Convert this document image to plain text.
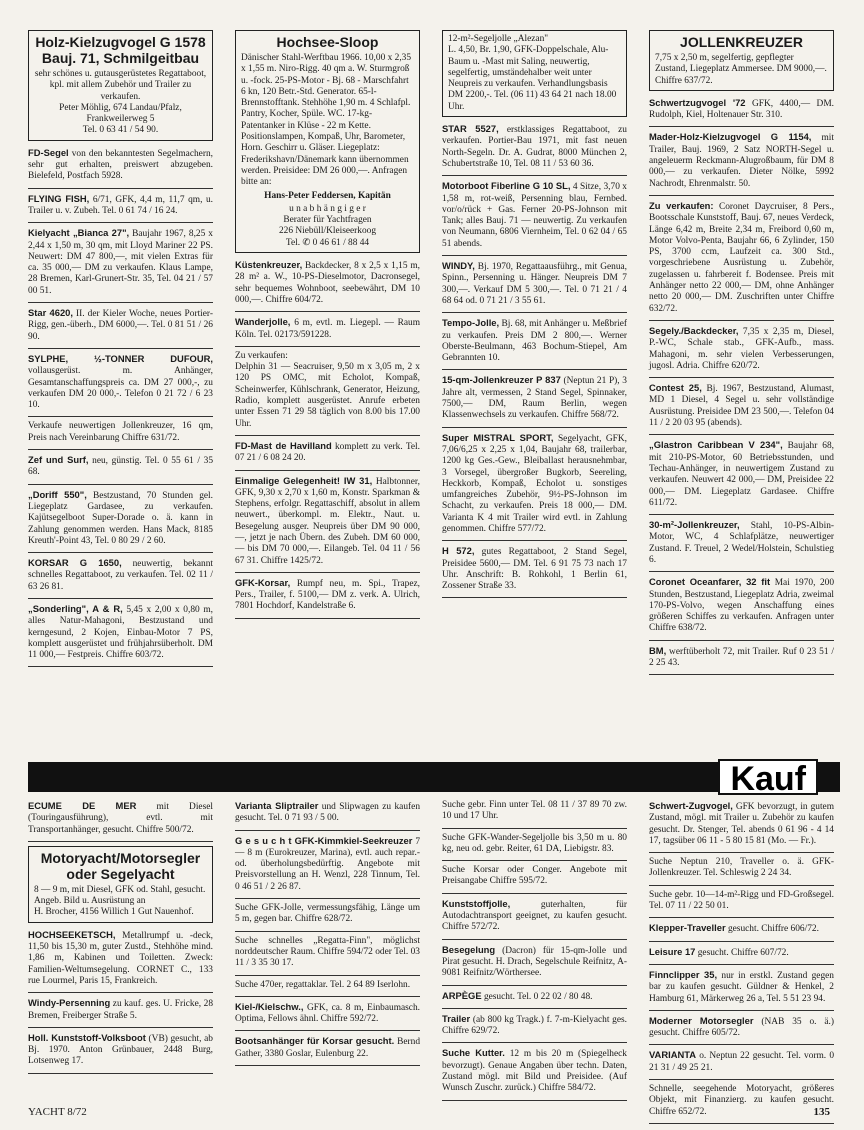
Holz-Kielzugvogel G 1578 Bauj. 71, Schmilgeitbau
sehr schönes u. gutausgerüstetes Regattaboot, kpl. mit allem Zubehör und Trailer zu verkaufen.
Peter Möhlig, 674 Landau/Pfalz, Frankweilerweg 5
Tel. 0 63 41 / 54 90.
FD-Segel von den bekanntesten Segelmachern, sehr gut erhalten, preiswert abzugeben. Bielefeld, Postfach 5928.
FLYING FISH, 6/71, GFK, 4,4 m, 11,7 qm, u. Trailer u. v. Zubeh. Tel. 0 61 74 / 16 24.
Kielyacht „Bianca 27", Baujahr 1967, 8,25 x 2,44 x 1,50 m, 30 qm, mit Lloyd Mariner 22 PS. Neuwert: DM 47 800,—, mit vielen Extras für ca. 35 000,— DM zu verkaufen. Klaus Lampe, 28 Bremen, Karl-Grunert-Str. 35, Tel. 04 21 / 57 00 51.
Star 4620, II. der Kieler Woche, neues Portier-Rigg, gen.-überh., DM 6000,—. Tel. 0 81 51 / 26 90.
SYLPHE, ½-TONNER DUFOUR, vollausgerüst. m. Anhänger, Gesamtanschaffungspreis ca. DM 27 000,-, zu verkaufen DM 20 000,-. Telefon 0 21 72 / 6 23 10.
Verkaufe neuwertigen Jollenkreuzer, 16 qm, Preis nach Vereinbarung Chiffre 631/72.
Zef und Surf, neu, günstig. Tel. 0 55 61 / 35 68.
„Doriff 550", Bestzustand, 70 Stunden gel. Liegeplatz Gardasee, zu verkaufen. Kajütsegelboot Super-Dorade o. ä. kann in Zahlung genommen werden. Hans Mack, 8185 Kreuth'-Point 43, Tel. 0 80 29 / 2 60.
KORSAR G 1650, neuwertig, bekannt schnelles Regattaboot, zu verkaufen. Tel. 02 11 / 63 26 81.
„Sonderling", A & R, 5,45 x 2,00 x 0,80 m, alles Natur-Mahagoni, Bestzustand und kerngesund, 2 Kojen, Einbau-Motor 7 PS, komplett ausgerüstet und frühjahrsüberholt. DM 11 000,— Festpreis. Chiffre 603/72.
Hochsee-Sloop
Dänischer Stahl-Werftbau 1966. 10,00 x 2,35 x 1,55 m. Niro-Rigg. 40 qm a. W. Sturmgroß u. -fock. 25-PS-Motor - Bj. 68 - Marschfahrt 6 kn, 120 Betr.-Std. Generator. 65-l-Brennstofftank. Stehhöhe 1,90 m. 4 Schlafpl. Pantry, Kocher, Spüle. WC. 17-kg-Patentanker in Klüse - 22 m Kette. Positionslampen, Kompaß, Uhr, Barometer, Horn. Geschirr u. Gläser. Liegeplatz: Frederikshavn/Dänemark kann übernommen werden. Preisidee: DM 26 000,—. Anfragen bitte an:
Hans-Peter Feddersen, Kapitän
u n a b h ä n g i g e r
Berater für Yachtfragen
226 Niebüll/Kleiseerkoog
Tel. ✆ 0 46 61 / 88 44
Küstenkreuzer, Backdecker, 8 x 2,5 x 1,15 m, 28 m² a. W., 10-PS-Dieselmotor, Dacronsegel, sehr bequemes Wohnboot, seebewährt, DM 10 000,—. Chiffre 604/72.
Wanderjolle, 6 m, evtl. m. Liegepl. — Raum Köln. Tel. 02173/591228.
Zu verkaufen:
Delphin 31 — Seacruiser, 9,50 m x 3,05 m, 2 x 120 PS OMC, mit Echolot, Kompaß, Scheinwerfer, Kühlschrank, Generator, Heizung, Radio, komplett ausgerüstet. Anrufe erbeten unter Essen 71 29 58 täglich von 8.00 bis 17.00 Uhr.
FD-Mast de Havilland komplett zu verk. Tel. 07 21 / 6 08 24 20.
Einmalige Gelegenheit! IW 31, Halbtonner, GFK, 9,30 x 2,70 x 1,60 m, Konstr. Sparkman & Stephens, erfolgr. Regattaschiff, absolut in allem neuwert., überkompl. m. Elektr., Naut. u. Besegelung ausger. Neupreis über DM 90 000,—, jetzt je nach Übern. des Zubeh. DM 60 000,— bis DM 70 000,—. Eilangeb. Tel. 04 11 / 56 67 31. Chiffre 1425/72.
GFK-Korsar, Rumpf neu, m. Spi., Trapez, Pers., Trailer, f. 5100,— DM z. verk. A. Ulrich, 7801 Hochdorf, Kandelstraße 6.
12-m²-Segeljolle „Alezan"
L. 4,50, Br. 1,90, GFK-Doppelschale, Alu-Baum u. -Mast mit Saling, neuwertig, segelfertig, umständehalber weit unter Neupreis zu verkaufen. Verhandlungsbasis DM 2200,-. Tel. (06 11) 43 64 21 nach 18.00 Uhr.
STAR 5527, erstklassiges Regattaboot, zu verkaufen. Portier-Bau 1971, mit fast neuen North-Segeln. Dr. A. Gudrat, 8000 München 2, Schubertstraße 10, Tel. 08 11 / 53 60 36.
Motorboot Fiberline G 10 SL, 4 Sitze, 3,70 x 1,58 m, rot-weiß, Persenning blau, Fernbed. vor/o/rück + Gas. Ferner 20-PS-Johnson mit Tank; alles Bauj. 71 — neuwertig. Zu verkaufen von Neumann, 6806 Viernheim, Tel. 0 62 04 / 65 51 abends.
WINDY, Bj. 1970, Regattaausführg., mit Genua, Spinn., Persenning u. Hänger. Neupreis DM 7 300,—. Verkauf DM 5 300,—. Tel. 0 71 21 / 4 68 64 od. 0 71 21 / 3 55 61.
Tempo-Jolle, Bj. 68, mit Anhänger u. Meßbrief zu verkaufen. Preis DM 2 800,—. Werner Oberste-Beulmann, 463 Bochum-Stiepel, Am Gebrannten 10.
15-qm-Jollenkreuzer P 837 (Neptun 21 P), 3 Jahre alt, vermessen, 2 Stand Segel, Spinnaker, 7500,— DM, Raum Berlin, wegen Klassenwechsels zu verkaufen. Chiffre 568/72.
Super MISTRAL SPORT, Segelyacht, GFK, 7,06/6,25 x 2,25 x 1,04, Baujahr 68, trailerbar, 1200 kg Ges.-Gew., Bleiballast herausnehmbar, 3 Vorsegel, übergroßer Bugkorb, Seereling, Heckkorb, Kompaß, Echolot u. sonstiges umfangreiches Zubehör, 9½-PS-Johnson im Schacht, zu verkaufen. Preis 18 000,— DM. Varianta K 4 mit Trailer wird evtl. in Zahlung genommen. Chiffre 577/72.
H 572, gutes Regattaboot, 2 Stand Segel, Preisidee 5600,— DM. Tel. 6 91 75 73 nach 17 Uhr. Anschrift: B. Rohkohl, 1 Berlin 61, Zossener Straße 33.
JOLLENKREUZER
7,75 x 2,50 m, segelfertig, gepflegter Zustand, Liegeplatz Ammersee. DM 9000,—. Chiffre 637/72.
Schwertzugvogel '72 GFK, 4400,— DM. Rudolph, Kiel, Holtenauer Str. 310.
Mader-Holz-Kielzugvogel G 1154, mit Trailer, Bauj. 1969, 2 Satz NORTH-Segel u. angeleuerm Reckmann-Alugroßbaum, für DM 8 000,— zu verkaufen. Dieter Nölke, 5992 Nachrodt, Ehrenmalstr. 50.
Zu verkaufen: Coronet Daycruiser, 8 Pers., Bootsschale Kunststoff, Bauj. 67, neues Verdeck, Länge 6,42 m, Breite 2,34 m, Freibord 0,60 m, Motor Volvo-Penta, Baujahr 66, 6 Zylinder, 150 PS, 3700 ccm, Laufzeit ca. 300 Std., vorgeschriebene Ausrüstung u. Zubehör, zugelassen u. fahrbereit f. Bodensee. Preis mit Anhänger netto 22 000,— DM, ohne Anhänger netto 20 000,— DM. Zuschriften unter Chiffre 632/72.
Segely./Backdecker, 7,35 x 2,35 m, Diesel, P.-WC, Schale stab., GFK-Aufb., mass. Mahagoni, m. sehr vielen Verbesserungen, jugosl. Adria. Chiffre 620/72.
Contest 25, Bj. 1967, Bestzustand, Alumast, MD 1 Diesel, 4 Segel u. sehr vollständige Ausrüstung. Preisidee DM 23 500,—. Telefon 04 11 / 2 20 03 95 (abends).
„Glastron Caribbean V 234", Baujahr 68, mit 210-PS-Motor, 60 Betriebsstunden, und Techau-Anhänger, in neuwertigem Zustand zu verkaufen. Neuwert 42 000,— DM, Preisidee 22 000,— DM. Liegeplatz Gardasee. Chiffre 611/72.
30-m²-Jollenkreuzer, Stahl, 10-PS-Albin-Motor, WC, 4 Schlafplätze, neuwertiger Zustand. F. Treuel, 2 Wedel/Holstein, Schulstieg 6.
Coronet Oceanfarer, 32 fit Mai 1970, 200 Stunden, Bestzustand, Liegeplatz Adria, zweimal 170-PS-Volvo, wegen Anschaffung eines größeren Schiffes zu verkaufen. Anfragen unter Chiffre 638/72.
BM, werftüberholt 72, mit Trailer. Ruf 0 23 51 / 2 25 43.
Kauf
ECUME DE MER mit Diesel (Touringausführung), evtl. mit Transportanhänger, gesucht. Chiffre 500/72.
Motoryacht/Motorsegler oder Segelyacht
8 — 9 m, mit Diesel, GFK od. Stahl, gesucht. Angeb. Bild u. Ausrüstung an
H. Brocher, 4156 Willich 1 Gut Nauenhof.
HOCHSEEKETSCH, Metallrumpf u. -deck, 11,50 bis 15,30 m, guter Zustd., Stehhöhe mind. 1,86 m, Kabinen und Toiletten. Zweck: Familien-Weltumsegelung. CORNET C., 133 rue Lourmel, Paris 15, Frankreich.
Windy-Persenning zu kauf. ges. U. Fricke, 28 Bremen, Freiberger Straße 5.
Holl. Kunststoff-Volksboot (VB) gesucht, ab Bj. 1970. Anton Grünbauer, 2448 Burg, Lotsenweg 17.
Varianta Sliptrailer und Slipwagen zu kaufen gesucht. Tel. 0 71 93 / 5 00.
G e s u c h t GFK-Kimmkiel-Seekreuzer 7 — 8 m (Eurokreuzer, Marina), evtl. auch repar.- od. überholungsbedürftig. Angebote mit Preisvorstellung an H. Wenzl, 228 Tinnum, Tel. 0 46 51 / 2 26 87.
Suche GFK-Jolle, vermessungsfähig, Länge um 5 m, gegen bar. Chiffre 628/72.
Suche schnelles „Regatta-Finn", möglichst norddeutscher Raum. Chiffre 594/72 oder Tel. 03 11 / 3 35 30 17.
Suche 470er, regattaklar. Tel. 2 64 89 Iserlohn.
Kiel-/Kielschw., GFK, ca. 8 m, Einbaumasch. Optima, Fellows ähnl. Chiffre 592/72.
Bootsanhänger für Korsar gesucht. Bernd Gather, 3380 Goslar, Eulenburg 22.
Suche gebr. Finn unter Tel. 08 11 / 37 89 70 zw. 10 und 17 Uhr.
Suche GFK-Wander-Segeljolle bis 3,50 m u. 80 kg, neu od. gebr. Reiter, 61 DA, Liebigstr. 83.
Suche Korsar oder Conger. Angebote mit Preisangabe Chiffre 595/72.
Kunststoffjolle,	guterhalten, für Autodachtransport geeignet, zu kaufen gesucht. Chiffre 572/72.
Besegelung (Dacron) für 15-qm-Jolle und Pirat gesucht. H. Drach, Segelschule Reifnitz, A-9081 Reifnitz/Wörthersee.
ARPÈGE gesucht. Tel. 0 22 02 / 80 48.
Trailer (ab 800 kg Tragk.) f. 7-m-Kielyacht ges. Chiffre 629/72.
Suche Kutter. 12 m bis 20 m (Spiegelheck bevorzugt). Genaue Angaben über techn. Daten, Zustand mögl. mit Bild und Preisidee. (Auf Wunsch Zuschr. zurück.) Chiffre 584/72.
Schwert-Zugvogel, GFK bevorzugt, in gutem Zustand, mögl. mit Trailer u. Zubehör zu kaufen gesucht. Dr. Stenger, Tel. abends 0 61 96 - 4 14 17, tagsüber 06 11 - 5 80 15 81 (Mo. — Fr.).
Suche Neptun 210, Traveller o. ä. GFK-Jollenkreuzer. Tel. Schleswig 2 24 34.
Suche gebr. 10—14-m²-Rigg und FD-Großsegel. Tel. 07 11 / 22 50 01.
Klepper-Traveller gesucht. Chiffre 606/72.
Leisure 17 gesucht. Chiffre 607/72.
Finnclipper 35, nur in erstkl. Zustand gegen bar zu kaufen gesucht. Güldner & Henkel, 2 Hamburg 61, Märkerweg 26 a, Tel. 5 51 23 94.
Moderner Motorsegler (NAB 35 o. ä.) gesucht. Chiffre 605/72.
VARIANTA o. Neptun 22 gesucht. Tel. vorm. 0 21 31 / 49 25 21.
Schnelle, seegehende Motoryacht, größeres Objekt, mit Finanzierg. zu kaufen gesucht. Chiffre 652/72.
YACHT 8/72	135
